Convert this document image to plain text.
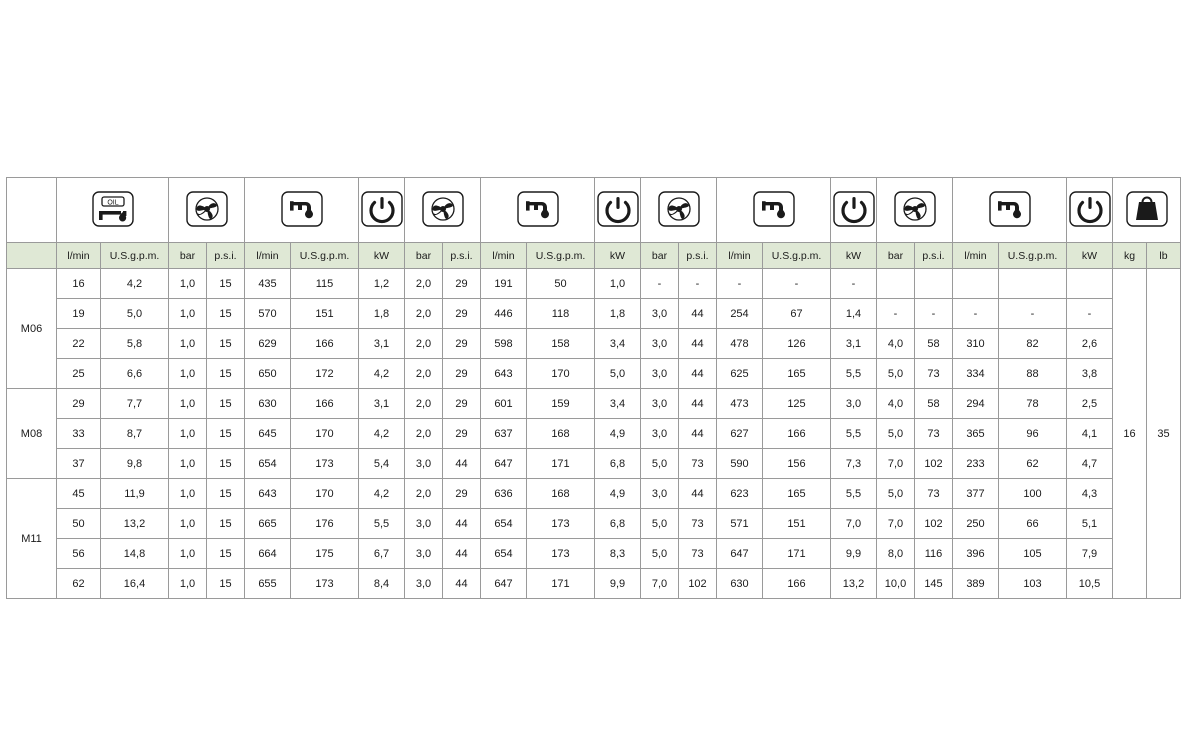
OIL

	l/min	U.S.g.p.m.	bar	p.s.i.	l/min	U.S.g.p.m.	kW	bar	p.s.i.	l/min	U.S.g.p.m.	kW	bar	p.s.i.	l/min	U.S.g.p.m.	kW	bar	p.s.i.	l/min	U.S.g.p.m.	kW	kg	lb
M06	16	4,2	1,0	15	435	115	1,2	2,0	29	191	50	1,0	-	-	-	-	-						16	35
	19	5,0	1,0	15	570	151	1,8	2,0	29	446	118	1,8	3,0	44	254	67	1,4	-	-	-	-	-		
	22	5,8	1,0	15	629	166	3,1	2,0	29	598	158	3,4	3,0	44	478	126	3,1	4,0	58	310	82	2,6		
	25	6,6	1,0	15	650	172	4,2	2,0	29	643	170	5,0	3,0	44	625	165	5,5	5,0	73	334	88	3,8		
M08	29	7,7	1,0	15	630	166	3,1	2,0	29	601	159	3,4	3,0	44	473	125	3,0	4,0	58	294	78	2,5		
	33	8,7	1,0	15	645	170	4,2	2,0	29	637	168	4,9	3,0	44	627	166	5,5	5,0	73	365	96	4,1		
	37	9,8	1,0	15	654	173	5,4	3,0	44	647	171	6,8	5,0	73	590	156	7,3	7,0	102	233	62	4,7		
M11	45	11,9	1,0	15	643	170	4,2	2,0	29	636	168	4,9	3,0	44	623	165	5,5	5,0	73	377	100	4,3		
	50	13,2	1,0	15	665	176	5,5	3,0	44	654	173	6,8	5,0	73	571	151	7,0	7,0	102	250	66	5,1		
	56	14,8	1,0	15	664	175	6,7	3,0	44	654	173	8,3	5,0	73	647	171	9,9	8,0	116	396	105	7,9		
	62	16,4	1,0	15	655	173	8,4	3,0	44	647	171	9,9	7,0	102	630	166	13,2	10,0	145	389	103	10,5		
